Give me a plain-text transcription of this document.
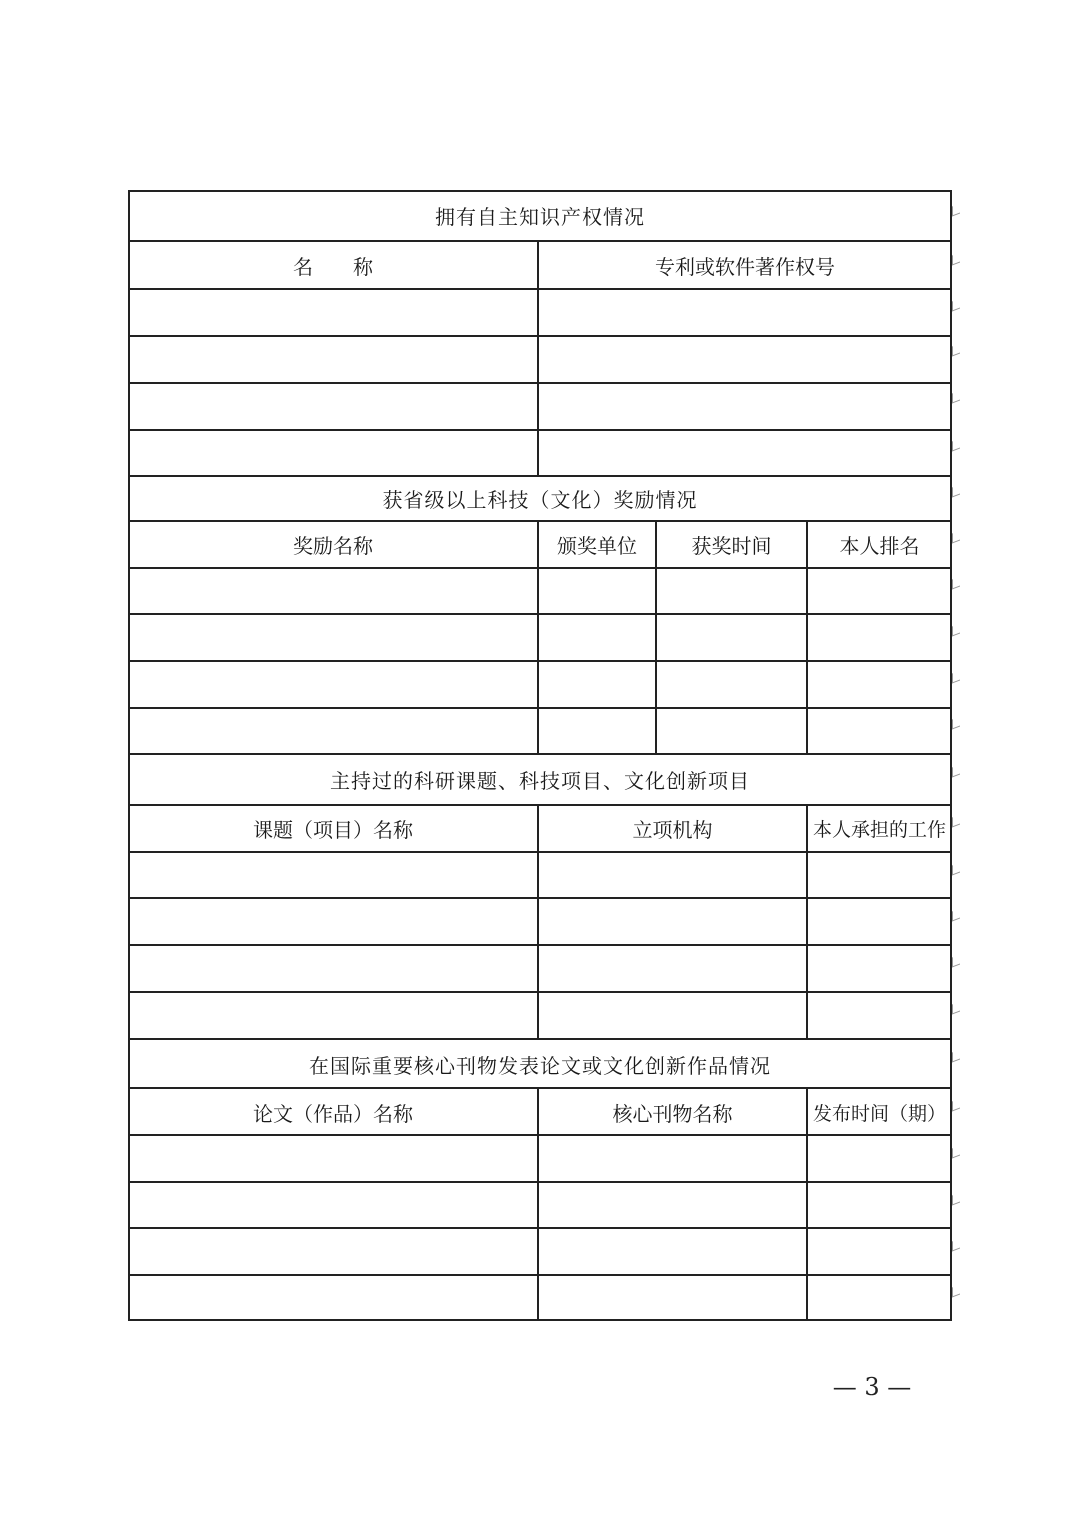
拥有自主知识产权情况
名　　称	专利或软件著作权号
获省级以上科技（文化）奖励情况
奖励名称	颁奖单位	获奖时间	本人排名
主持过的科研课题、科技项目、文化创新项目
课题（项目）名称	立项机构	本人承担的工作
在国际重要核心刊物发表论文或文化创新作品情况
论文（作品）名称	核心刊物名称	发布时间（期）
— 3 —
